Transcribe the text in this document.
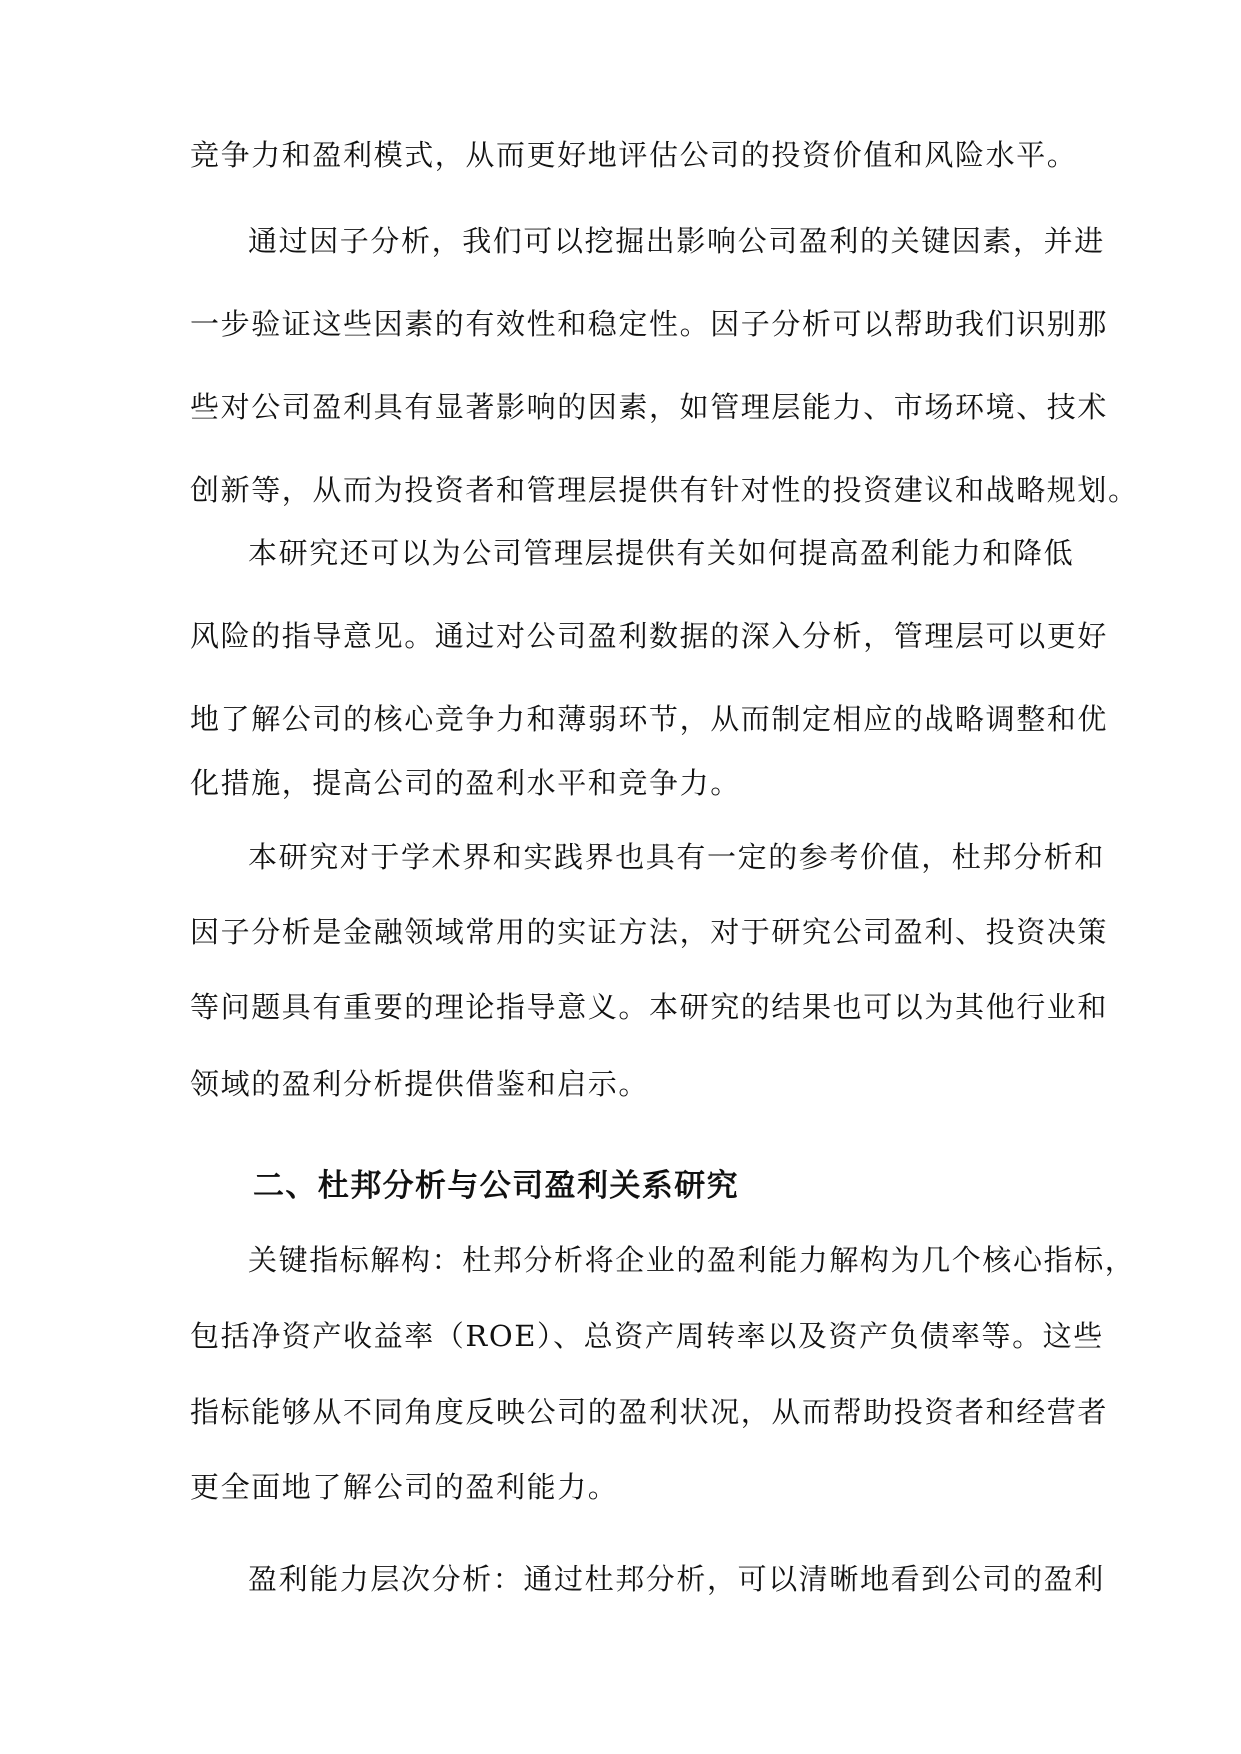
竞争力和盈利模式，从而更好地评估公司的投资价值和风险水平。
通过因子分析，我们可以挖掘出影响公司盈利的关键因素，并进
一步验证这些因素的有效性和稳定性。因子分析可以帮助我们识别那
些对公司盈利具有显著影响的因素，如管理层能力、市场环境、技术
创新等，从而为投资者和管理层提供有针对性的投资建议和战略规划。
本研究还可以为公司管理层提供有关如何提高盈利能力和降低
风险的指导意见。通过对公司盈利数据的深入分析，管理层可以更好
地了解公司的核心竞争力和薄弱环节，从而制定相应的战略调整和优
化措施，提高公司的盈利水平和竞争力。
本研究对于学术界和实践界也具有一定的参考价值，杜邦分析和
因子分析是金融领域常用的实证方法，对于研究公司盈利、投资决策
等问题具有重要的理论指导意义。本研究的结果也可以为其他行业和
领域的盈利分析提供借鉴和启示。
二、杜邦分析与公司盈利关系研究
关键指标解构：杜邦分析将企业的盈利能力解构为几个核心指标，
包括净资产收益率（ROE）、总资产周转率以及资产负债率等。这些
指标能够从不同角度反映公司的盈利状况，从而帮助投资者和经营者
更全面地了解公司的盈利能力。
盈利能力层次分析：通过杜邦分析，可以清晰地看到公司的盈利
